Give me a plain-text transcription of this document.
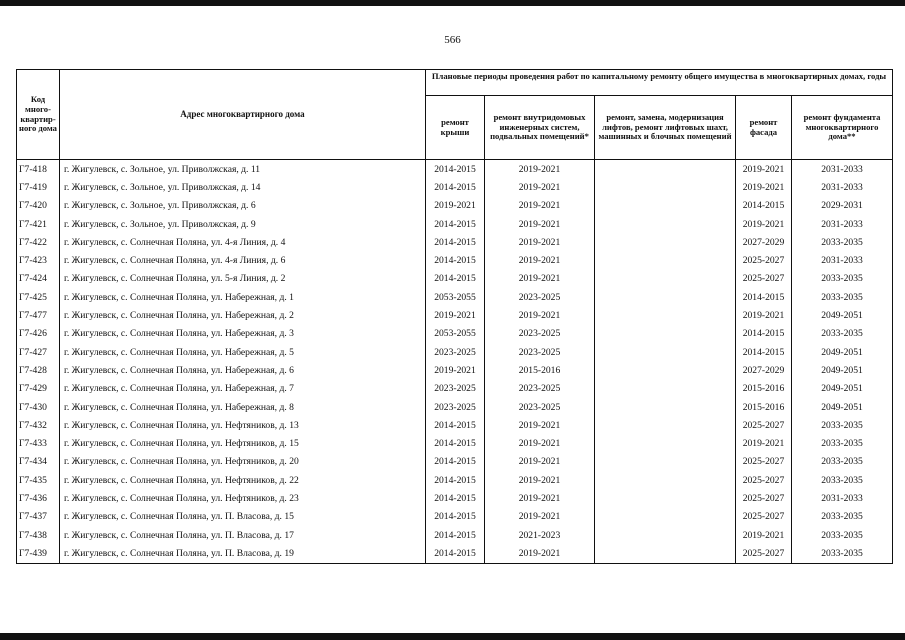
566
Код много-квартир-ного дома	Адрес многоквартирного дома	Плановые периоды проведения работ по капитальному ремонту общего имущества в многоквартирных домах, годы				
		ремонт крыши	ремонт внутридомовых инженерных систем, подвальных помещений*	ремонт, замена, модернизация лифтов, ремонт лифтовых шахт, машинных и блочных помещений	ремонт фасада	ремонт фундамента многоквартирного дома**
Г7-418	г. Жигулевск, с. Зольное, ул. Приволжская, д. 11	2014-2015	2019-2021		2019-2021	2031-2033
Г7-419	г. Жигулевск, с. Зольное, ул. Приволжская, д. 14	2014-2015	2019-2021		2019-2021	2031-2033
Г7-420	г. Жигулевск, с. Зольное, ул. Приволжская, д. 6	2019-2021	2019-2021		2014-2015	2029-2031
Г7-421	г. Жигулевск, с. Зольное, ул. Приволжская, д. 9	2014-2015	2019-2021		2019-2021	2031-2033
Г7-422	г. Жигулевск, с. Солнечная Поляна, ул. 4-я Линия, д. 4	2014-2015	2019-2021		2027-2029	2033-2035
Г7-423	г. Жигулевск, с. Солнечная Поляна, ул. 4-я Линия, д. 6	2014-2015	2019-2021		2025-2027	2031-2033
Г7-424	г. Жигулевск, с. Солнечная Поляна, ул. 5-я Линия, д. 2	2014-2015	2019-2021		2025-2027	2033-2035
Г7-425	г. Жигулевск, с. Солнечная Поляна, ул. Набережная, д. 1	2053-2055	2023-2025		2014-2015	2033-2035
Г7-477	г. Жигулевск, с. Солнечная Поляна, ул. Набережная, д. 2	2019-2021	2019-2021		2019-2021	2049-2051
Г7-426	г. Жигулевск, с. Солнечная Поляна, ул. Набережная, д. 3	2053-2055	2023-2025		2014-2015	2033-2035
Г7-427	г. Жигулевск, с. Солнечная Поляна, ул. Набережная, д. 5	2023-2025	2023-2025		2014-2015	2049-2051
Г7-428	г. Жигулевск, с. Солнечная Поляна, ул. Набережная, д. 6	2019-2021	2015-2016		2027-2029	2049-2051
Г7-429	г. Жигулевск, с. Солнечная Поляна, ул. Набережная, д. 7	2023-2025	2023-2025		2015-2016	2049-2051
Г7-430	г. Жигулевск, с. Солнечная Поляна, ул. Набережная, д. 8	2023-2025	2023-2025		2015-2016	2049-2051
Г7-432	г. Жигулевск, с. Солнечная Поляна, ул. Нефтяников, д. 13	2014-2015	2019-2021		2025-2027	2033-2035
Г7-433	г. Жигулевск, с. Солнечная Поляна, ул. Нефтяников, д. 15	2014-2015	2019-2021		2019-2021	2033-2035
Г7-434	г. Жигулевск, с. Солнечная Поляна, ул. Нефтяников, д. 20	2014-2015	2019-2021		2025-2027	2033-2035
Г7-435	г. Жигулевск, с. Солнечная Поляна, ул. Нефтяников, д. 22	2014-2015	2019-2021		2025-2027	2033-2035
Г7-436	г. Жигулевск, с. Солнечная Поляна, ул. Нефтяников, д. 23	2014-2015	2019-2021		2025-2027	2031-2033
Г7-437	г. Жигулевск, с. Солнечная Поляна, ул. П. Власова, д. 15	2014-2015	2019-2021		2025-2027	2033-2035
Г7-438	г. Жигулевск, с. Солнечная Поляна, ул. П. Власова, д. 17	2014-2015	2021-2023		2019-2021	2033-2035
Г7-439	г. Жигулевск, с. Солнечная Поляна, ул. П. Власова, д. 19	2014-2015	2019-2021		2025-2027	2033-2035
